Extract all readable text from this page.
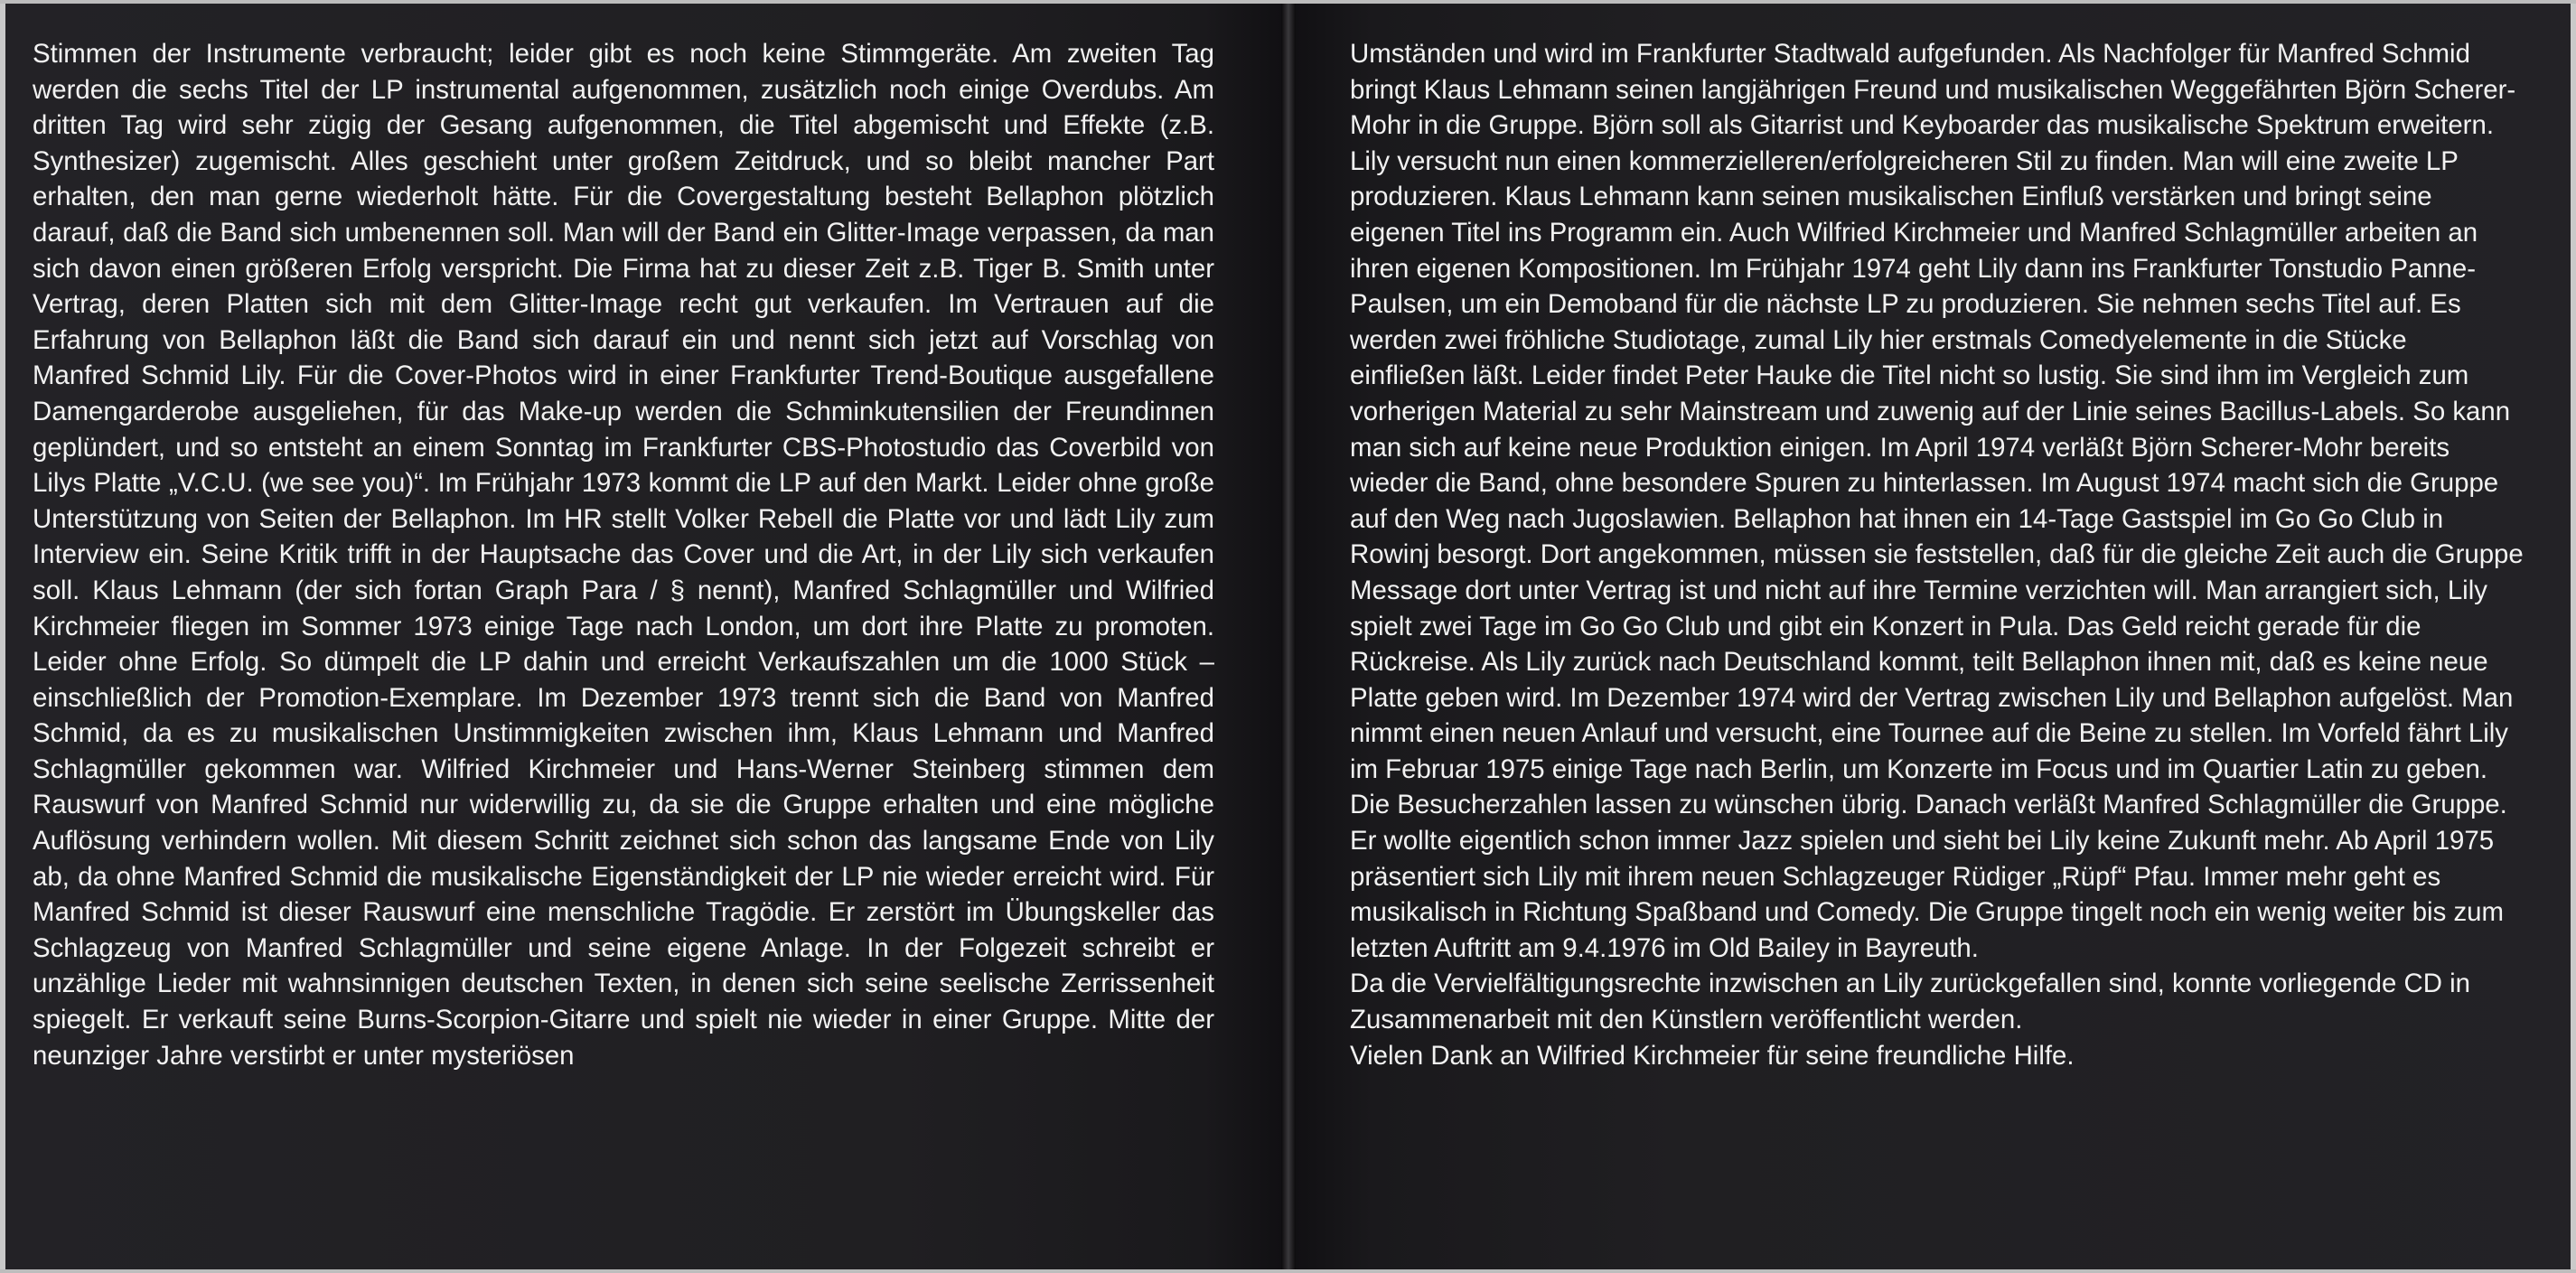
Stimmen der Instrumente verbraucht; leider gibt es noch keine Stimmgeräte. Am zweiten Tag werden die sechs Titel der LP instrumental aufgenommen, zusätzlich noch einige Overdubs. Am dritten Tag wird sehr zügig der Gesang aufgenommen, die Titel abgemischt und Effekte (z.B. Synthesizer) zugemischt. Alles geschieht unter großem Zeitdruck, und so bleibt mancher Part erhalten, den man gerne wiederholt hätte. Für die Covergestaltung besteht Bellaphon plötzlich darauf, daß die Band sich umbenennen soll. Man will der Band ein Glitter-Image verpassen, da man sich davon einen größeren Erfolg verspricht. Die Firma hat zu dieser Zeit z.B. Tiger B. Smith unter Vertrag, deren Platten sich mit dem Glitter-Image recht gut verkaufen. Im Vertrauen auf die Erfahrung von Bellaphon läßt die Band sich darauf ein und nennt sich jetzt auf Vorschlag von Manfred Schmid Lily. Für die Cover-Photos wird in einer Frankfurter Trend-Boutique ausgefallene Damengarderobe ausgeliehen, für das Make-up werden die Schminkutensilien der Freundinnen geplündert, und so entsteht an einem Sonntag im Frankfurter CBS-Photostudio das Coverbild von Lilys Platte „V.C.U. (we see you)“. Im Frühjahr 1973 kommt die LP auf den Markt. Leider ohne große Unterstützung von Seiten der Bellaphon. Im HR stellt Volker Rebell die Platte vor und lädt Lily zum Interview ein. Seine Kritik trifft in der Hauptsache das Cover und die Art, in der Lily sich verkaufen soll. Klaus Lehmann (der sich fortan Graph Para / § nennt), Manfred Schlagmüller und Wilfried Kirchmeier fliegen im Sommer 1973 einige Tage nach London, um dort ihre Platte zu promoten. Leider ohne Erfolg. So dümpelt die LP dahin und erreicht Verkaufszahlen um die 1000 Stück – einschließlich der Promotion-Exemplare. Im Dezember 1973 trennt sich die Band von Manfred Schmid, da es zu musikalischen Unstimmigkeiten zwischen ihm, Klaus Lehmann und Manfred Schlagmüller gekommen war. Wilfried Kirchmeier und Hans-Werner Steinberg stimmen dem Rauswurf von Manfred Schmid nur widerwillig zu, da sie die Gruppe erhalten und eine mögliche Auflösung verhindern wollen. Mit diesem Schritt zeichnet sich schon das langsame Ende von Lily ab, da ohne Manfred Schmid die musikalische Eigenständigkeit der LP nie wieder erreicht wird. Für Manfred Schmid ist dieser Rauswurf eine menschliche Tragödie. Er zerstört im Übungskeller das Schlagzeug von Manfred Schlagmüller und seine eigene Anlage. In der Folgezeit schreibt er unzählige Lieder mit wahnsinnigen deutschen Texten, in denen sich seine seelische Zerrissenheit spiegelt. Er verkauft seine Burns-Scorpion-Gitarre und spielt nie wieder in einer Gruppe. Mitte der neunziger Jahre verstirbt er unter mysteriösen

Umständen und wird im Frankfurter Stadtwald aufgefunden. Als Nachfolger für Manfred Schmid bringt Klaus Lehmann seinen langjährigen Freund und musikalischen Weggefährten Björn Scherer-Mohr in die Gruppe. Björn soll als Gitarrist und Keyboarder das musikalische Spektrum erweitern. Lily versucht nun einen kommerzielleren/erfolgreicheren Stil zu finden. Man will eine zweite LP produzieren. Klaus Lehmann kann seinen musikalischen Einfluß verstärken und bringt seine eigenen Titel ins Programm ein. Auch Wilfried Kirchmeier und Manfred Schlagmüller arbeiten an ihren eigenen Kompositionen. Im Frühjahr 1974 geht Lily dann ins Frankfurter Tonstudio Panne-Paulsen, um ein Demoband für die nächste LP zu produzieren. Sie nehmen sechs Titel auf. Es werden zwei fröhliche Studiotage, zumal Lily hier erstmals Comedyelemente in die Stücke einfließen läßt. Leider findet Peter Hauke die Titel nicht so lustig. Sie sind ihm im Vergleich zum vorherigen Material zu sehr Mainstream und zuwenig auf der Linie seines Bacillus-Labels. So kann man sich auf keine neue Produktion einigen. Im April 1974 verläßt Björn Scherer-Mohr bereits wieder die Band, ohne besondere Spuren zu hinterlassen. Im August 1974 macht sich die Gruppe auf den Weg nach Jugoslawien. Bellaphon hat ihnen ein 14-Tage Gastspiel im Go Go Club in Rowinj besorgt. Dort angekommen, müssen sie feststellen, daß für die gleiche Zeit auch die Gruppe Message dort unter Vertrag ist und nicht auf ihre Termine verzichten will. Man arrangiert sich, Lily spielt zwei Tage im Go Go Club und gibt ein Konzert in Pula. Das Geld reicht gerade für die Rückreise. Als Lily zurück nach Deutschland kommt, teilt Bellaphon ihnen mit, daß es keine neue Platte geben wird. Im Dezember 1974 wird der Vertrag zwischen Lily und Bellaphon aufgelöst. Man nimmt einen neuen Anlauf und versucht, eine Tournee auf die Beine zu stellen. Im Vorfeld fährt Lily im Februar 1975 einige Tage nach Berlin, um Konzerte im Focus und im Quartier Latin zu geben. Die Besucherzahlen lassen zu wünschen übrig. Danach verläßt Manfred Schlagmüller die Gruppe. Er wollte eigentlich schon immer Jazz spielen und sieht bei Lily keine Zukunft mehr. Ab April 1975 präsentiert sich Lily mit ihrem neuen Schlagzeuger Rüdiger „Rüpf“ Pfau. Immer mehr geht es musikalisch in Richtung Spaßband und Comedy. Die Gruppe tingelt noch ein wenig weiter bis zum letzten Auftritt am 9.4.1976 im Old Bailey in Bayreuth.

Da die Vervielfältigungsrechte inzwischen an Lily zurückgefallen sind, konnte vorliegende CD in Zusammenarbeit mit den Künstlern veröffentlicht werden.

Vielen Dank an Wilfried Kirchmeier für seine freundliche Hilfe.
